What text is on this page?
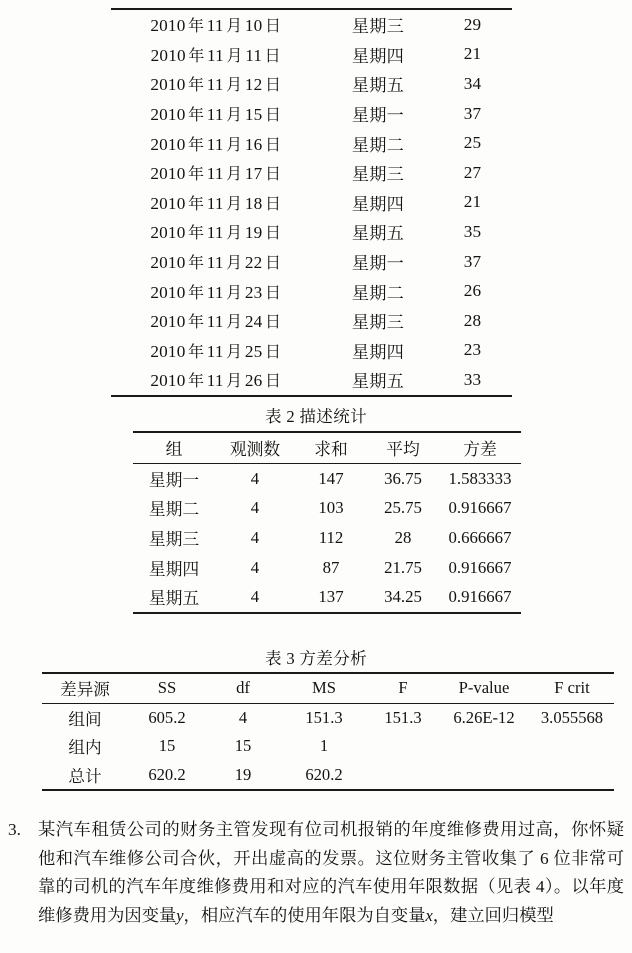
2010 年 11 月 10 日	星期三	29
2010 年 11 月 11 日	星期四	21
2010 年 11 月 12 日	星期五	34
2010 年 11 月 15 日	星期一	37
2010 年 11 月 16 日	星期二	25
2010 年 11 月 17 日	星期三	27
2010 年 11 月 18 日	星期四	21
2010 年 11 月 19 日	星期五	35
2010 年 11 月 22 日	星期一	37
2010 年 11 月 23 日	星期二	26
2010 年 11 月 24 日	星期三	28
2010 年 11 月 25 日	星期四	23
2010 年 11 月 26 日	星期五	33
表 2 描述统计
组	观测数	求和	平均	方差
星期一	4	147	36.75	1.583333
星期二	4	103	25.75	0.916667
星期三	4	112	28	0.666667
星期四	4	87	21.75	0.916667
星期五	4	137	34.25	0.916667
表 3 方差分析
差异源	SS	df	MS	F	P-value	F crit
组间	605.2	4	151.3	151.3	6.26E-12	3.055568
组内	15	15	1			
总计	620.2	19	620.2			
3. 某汽车租赁公司的财务主管发现有位司机报销的年度维修费用过高，你怀疑他和汽车维修公司合伙，开出虚高的发票。这位财务主管收集了 6 位非常可靠的司机的汽车年度维修费用和对应的汽车使用年限数据（见表 4）。以年度维修费用为因变量y，相应汽车的使用年限为自变量x，建立回归模型
